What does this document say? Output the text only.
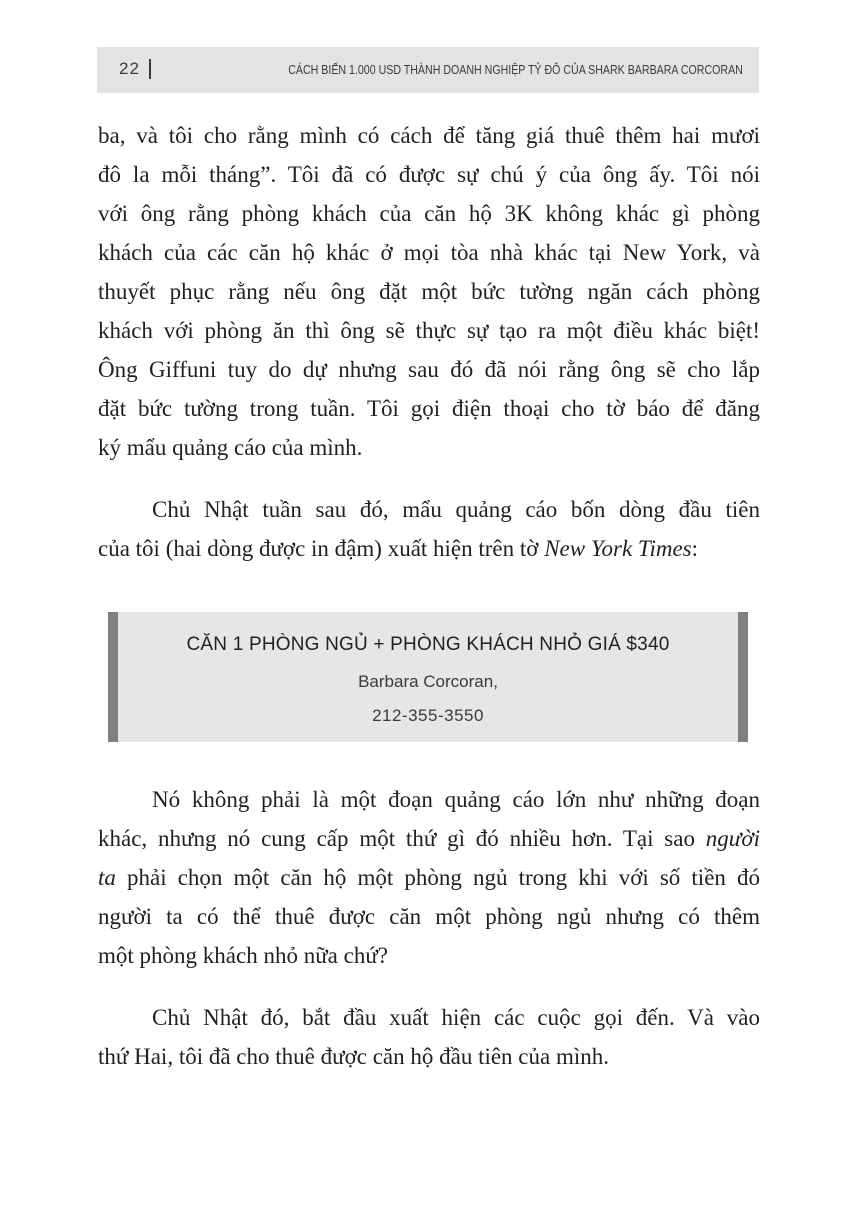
22	CÁCH BIẾN 1.000 USD THÀNH DOANH NGHIỆP TỶ ĐÔ CỦA SHARK BARBARA CORCORAN
ba, và tôi cho rằng mình có cách để tăng giá thuê thêm hai mươi
đô la mỗi tháng”. Tôi đã có được sự chú ý của ông ấy. Tôi nói
với ông rằng phòng khách của căn hộ 3K không khác gì phòng
khách của các căn hộ khác ở mọi tòa nhà khác tại New York, và
thuyết phục rằng nếu ông đặt một bức tường ngăn cách phòng
khách với phòng ăn thì ông sẽ thực sự tạo ra một điều khác biệt!
Ông Giffuni tuy do dự nhưng sau đó đã nói rằng ông sẽ cho lắp
đặt bức tường trong tuần. Tôi gọi điện thoại cho tờ báo để đăng
ký mẩu quảng cáo của mình.
Chủ Nhật tuần sau đó, mẩu quảng cáo bốn dòng đầu tiên
của tôi (hai dòng được in đậm) xuất hiện trên tờ New York Times:
CĂN 1 PHÒNG NGỦ + PHÒNG KHÁCH NHỎ GIÁ $340
Barbara Corcoran,
212-355-3550
Nó không phải là một đoạn quảng cáo lớn như những đoạn
khác, nhưng nó cung cấp một thứ gì đó nhiều hơn. Tại sao người
ta phải chọn một căn hộ một phòng ngủ trong khi với số tiền đó
người ta có thể thuê được căn một phòng ngủ nhưng có thêm
một phòng khách nhỏ nữa chứ?
Chủ Nhật đó, bắt đầu xuất hiện các cuộc gọi đến. Và vào
thứ Hai, tôi đã cho thuê được căn hộ đầu tiên của mình.
